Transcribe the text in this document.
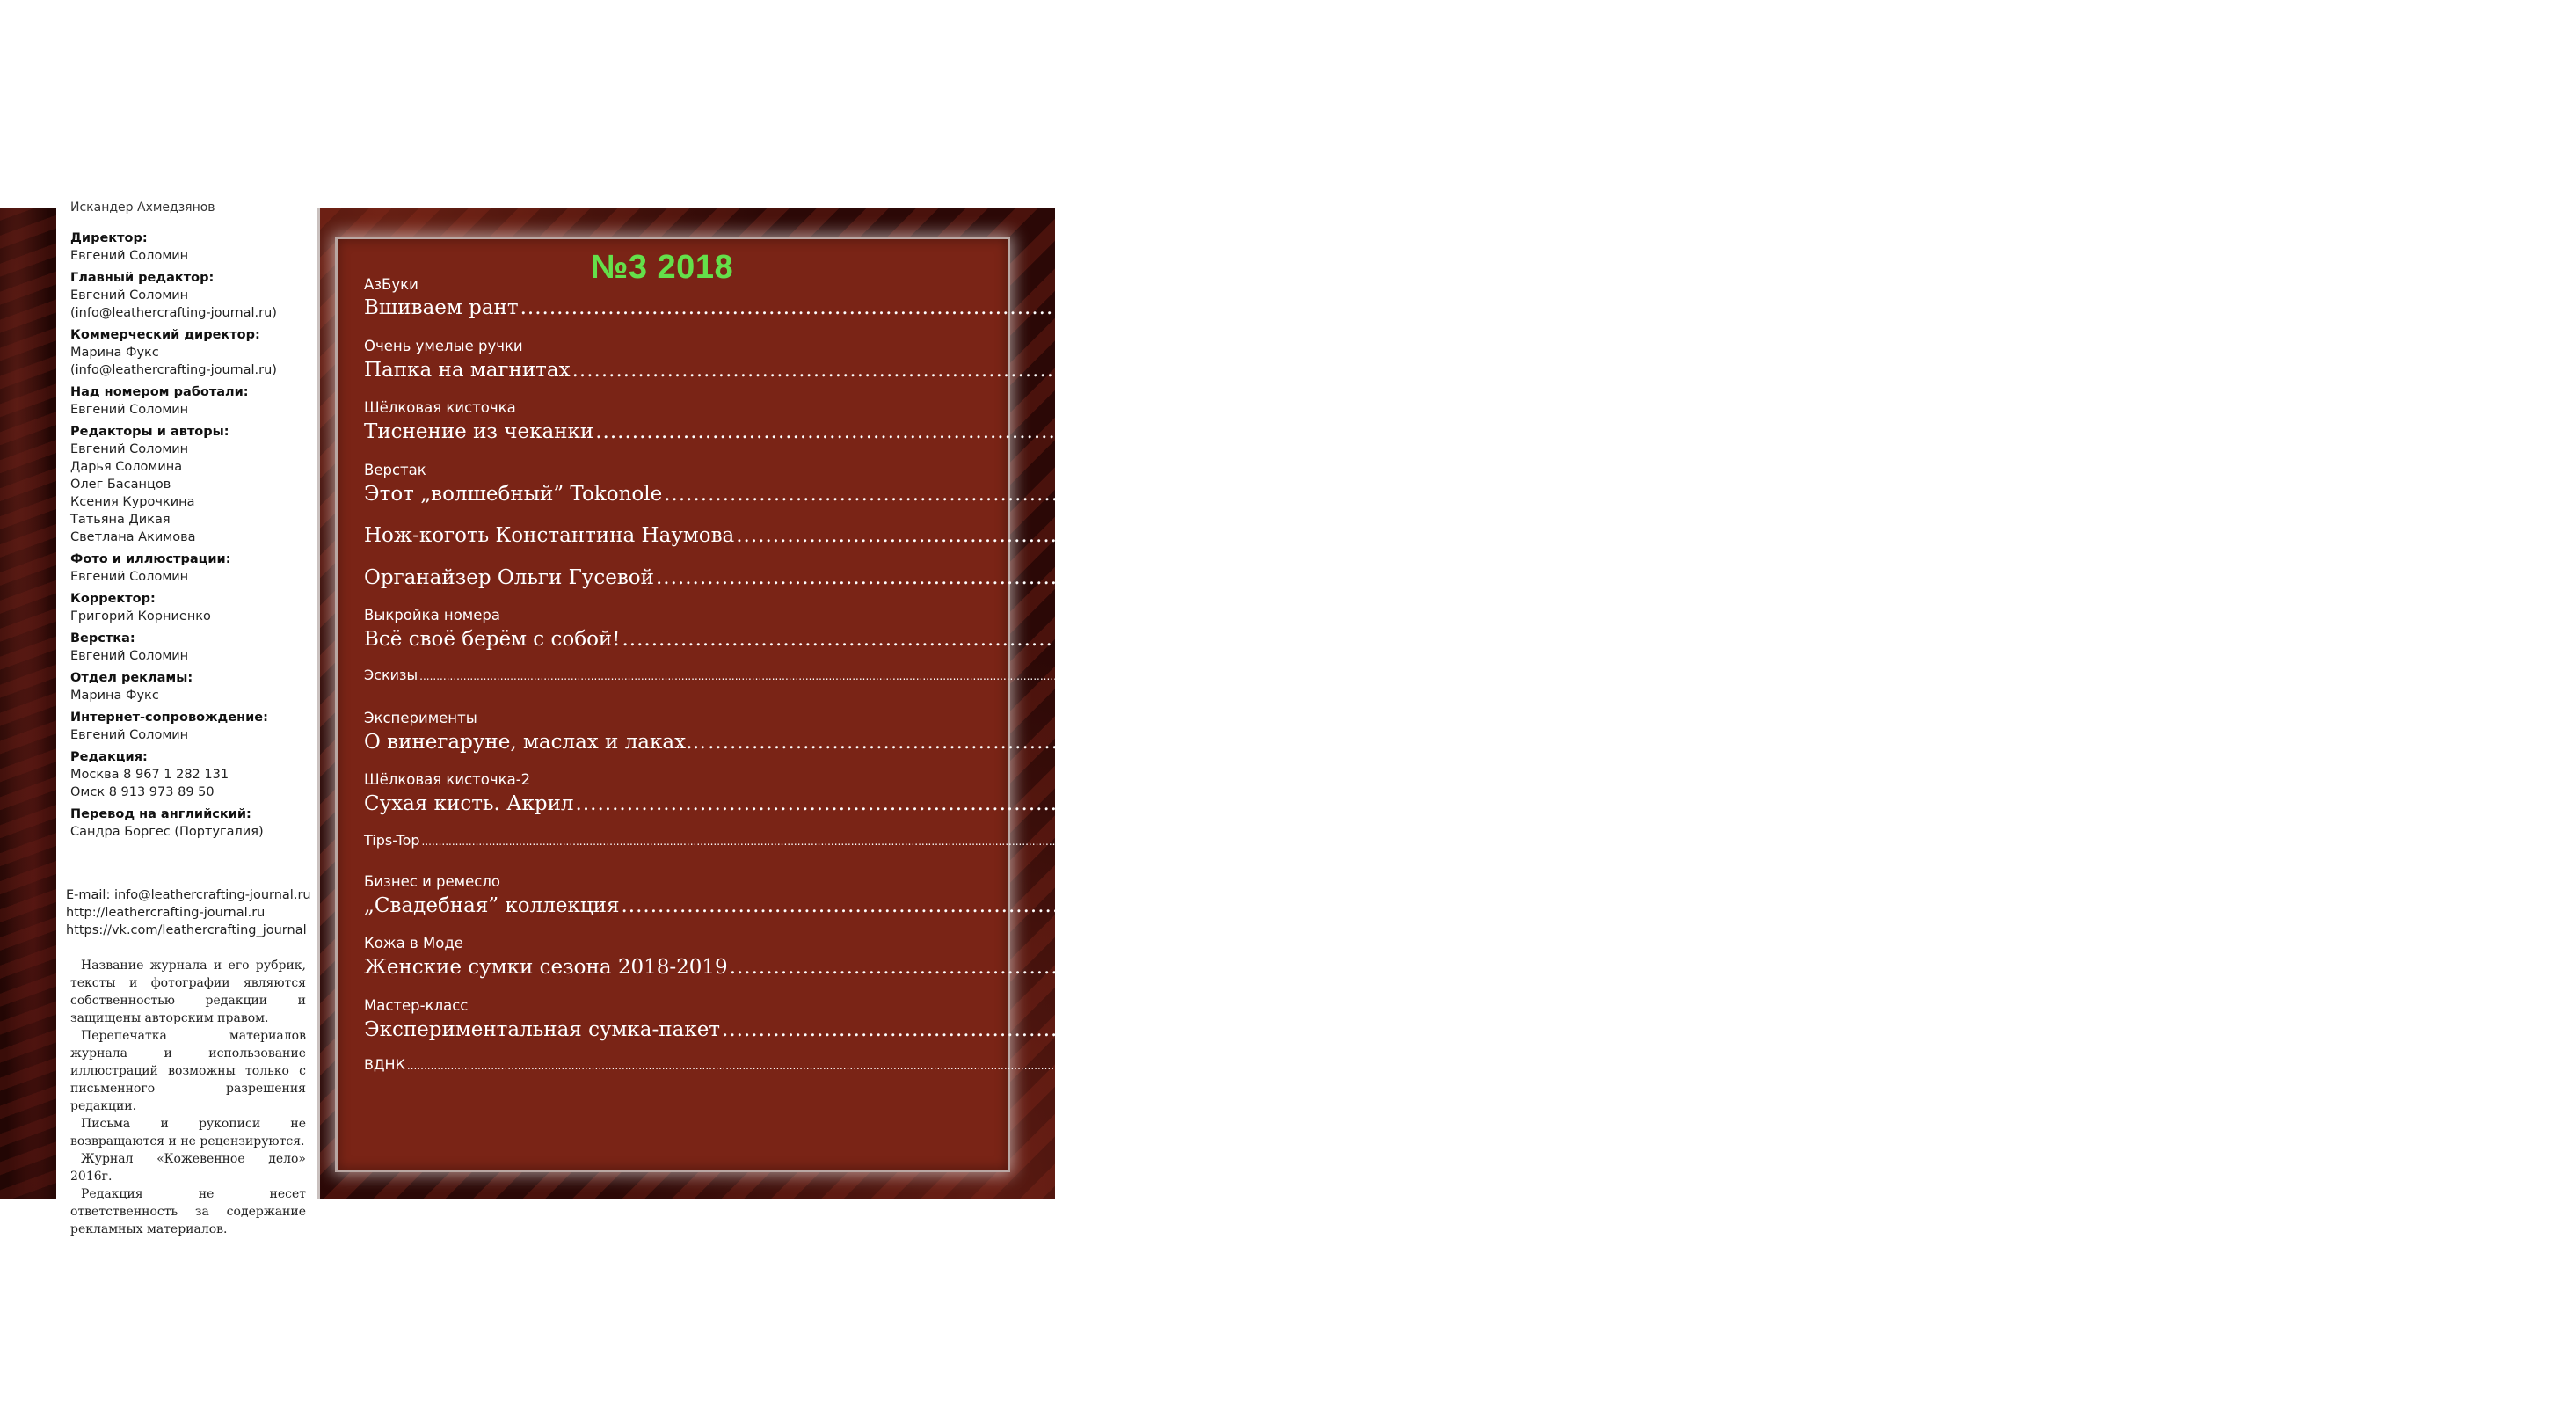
Искандер Ахмедзянов
Директор:
Евгений Соломин
Главный редактор:
Евгений Соломин
(info@leathercrafting-journal.ru)
Коммерческий директор:
Марина Фукс
(info@leathercrafting-journal.ru)
Над номером работали:
Евгений Соломин
Редакторы и авторы:
Евгений Соломин
Дарья Соломина
Олег Басанцов
Ксения Курочкина
Татьяна Дикая
Светлана Акимова
Фото и иллюстрации:
Евгений Соломин
Корректор:
Григорий Корниенко
Верстка:
Евгений Соломин
Отдел рекламы:
Марина Фукс
Интернет-сопровождение:
Евгений Соломин
Редакция:
Москва 8 967 1 282 131
Омск 8 913 973 89 50
Перевод на английский:
Сандра Боргес (Португалия)
E-mail: info@leathercrafting-journal.ru
http://leathercrafting-journal.ru
https://vk.com/leathercrafting_journal

Название журнала и его рубрик, тексты и фотографии являются собственностью редакции и защищены авторским правом.

Перепечатка материалов журнала и использование иллюстраций возможны только с письменного разрешения редакции.

Письма и рукописи не возвращаются и не рецензируются.

Журнал «Кожевенное дело» 2016г.

Редакция не несет ответственность за содержание рекламных материалов.

№3 2018
АзБуки
Вшиваем рант .....	5
Очень умелые ручки
Папка на магнитах .....	9
Шёлковая кисточка
Тиснение из чеканки .....	17
Верстак
Этот „волшебный” Tokonole .....	25
Нож-коготь Константина Наумова .....	28
Органайзер Ольги Гусевой .....	30
Выкройка номера
Всё своё берём с собой! .....	31
Эскизы .....	35
Эксперименты
О винегаруне, маслах и лаках… .....	48
Шёлковая кисточка-2
Сухая кисть. Акрил .....	50
Tips-Top .....	59
Бизнес и ремесло
„Свадебная” коллекция .....	60
Кожа в Моде
Женские сумки сезона 2018-2019 .....	64
Мастер-класс
Экспериментальная сумка-пакет .....	68
ВДНК .....	70
